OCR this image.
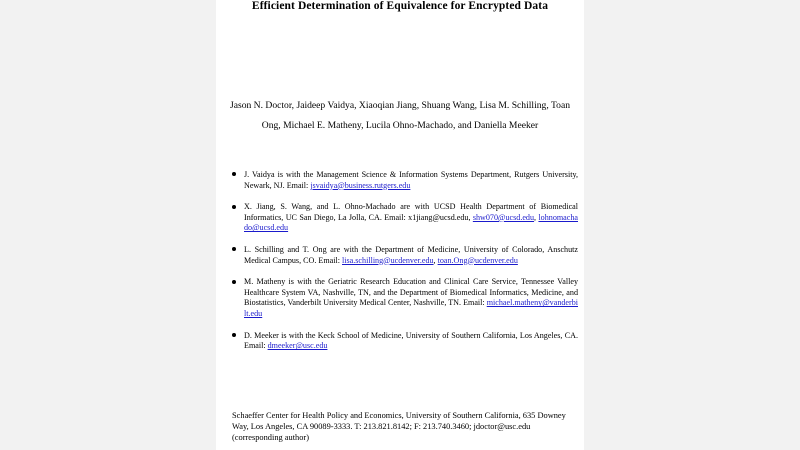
Efficient Determination of Equivalence for Encrypted Data
Jason N. Doctor, Jaideep Vaidya, Xiaoqian Jiang, Shuang Wang, Lisa M. Schilling, Toan Ong, Michael E. Matheny, Lucila Ohno-Machado, and Daniella Meeker
J. Vaidya is with the Management Science & Information Systems Department, Rutgers University, Newark, NJ. Email: jsvaidya@business.rutgers.edu
X. Jiang, S. Wang, and L. Ohno-Machado are with UCSD Health Department of Biomedical Informatics, UC San Diego, La Jolla, CA. Email: x1jiang@ucsd.edu, shw070@ucsd.edu, lohnomachado@ucsd.edu
L. Schilling and T. Ong are with the Department of Medicine, University of Colorado, Anschutz Medical Campus, CO. Email: lisa.schilling@ucdenver.edu, toan.Ong@ucdenver.edu
M. Matheny is with the Geriatric Research Education and Clinical Care Service, Tennessee Valley Healthcare System VA, Nashville, TN, and the Department of Biomedical Informatics, Medicine, and Biostatistics, Vanderbilt University Medical Center, Nashville, TN. Email: michael.matheny@vanderbilt.edu
D. Meeker is with the Keck School of Medicine, University of Southern California, Los Angeles, CA. Email: dmeeker@usc.edu
Schaeffer Center for Health Policy and Economics, University of Southern California, 635 Downey Way, Los Angeles, CA 90089-3333. T: 213.821.8142; F: 213.740.3460; jdoctor@usc.edu (corresponding author)
